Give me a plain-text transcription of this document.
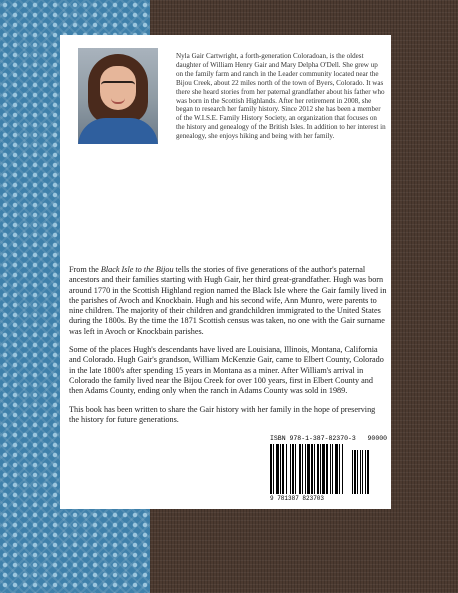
Nyla Gair Cartwright, a forth-generation Coloradoan, is the oldest daughter of William Henry Gair and Mary Delpha O'Dell. She grew up on the family farm and ranch in the Leader community located near the Bijou Creek, about 22 miles north of the town of Byers, Colorado. It was there she heard stories from her paternal grandfather about his father who was born in the Scottish Highlands. After her retirement in 2008, she began to research her family history. Since 2012 she has been a member of the W.I.S.E. Family History Society, an organization that focuses on the history and genealogy of the British Isles. In addition to her interest in genealogy, she enjoys hiking and being with her family.

From the Black Isle to the Bijou tells the stories of five generations of the author's paternal ancestors and their families starting with Hugh Gair, her third great-grandfather. Hugh was born around 1770 in the Scottish Highland region named the Black Isle where the Gair family lived in the parishes of Avoch and Knockbain. Hugh and his second wife, Ann Munro, were parents to nine children. The majority of their children and grandchildren immigrated to the United States during the 1800s. By the time the 1871 Scottish census was taken, no one with the Gair surname was left in Avoch or Knockbain parishes.

Some of the places Hugh's descendants have lived are Louisiana, Illinois, Montana, California and Colorado. Hugh Gair's grandson, William McKenzie Gair, came to Elbert County, Colorado in the late 1800's after spending 15 years in Montana as a miner. After William's arrival in Colorado the family lived near the Bijou Creek for over 100 years, first in Elbert County and then Adams County, ending only when the ranch in Adams County was sold in 1989.

This book has been written to share the Gair history with her family in the hope of preserving the history for future generations.

ISBN 978-1-387-82370-3 90000
9 781387 823703
